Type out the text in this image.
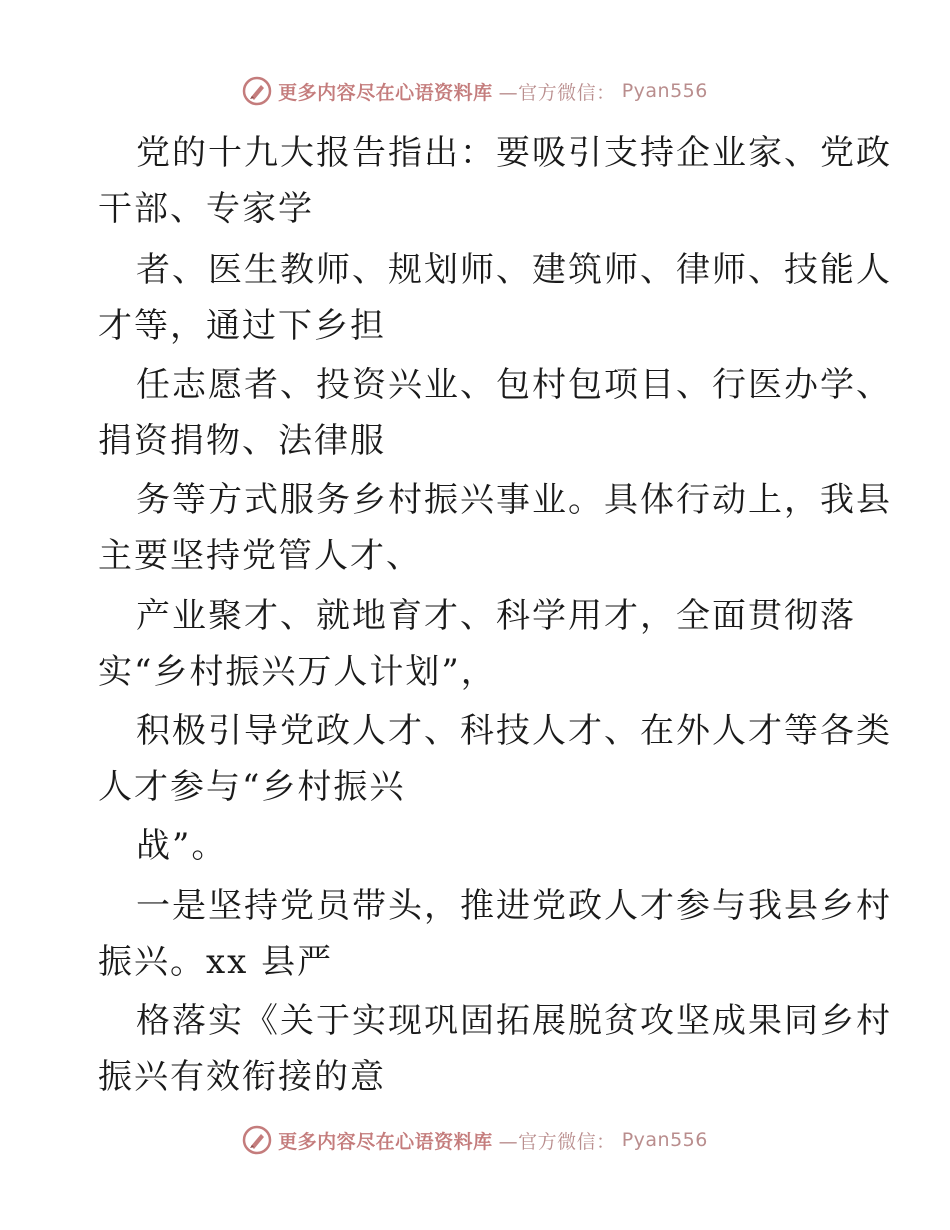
更多内容尽在心语资料库 —官方微信： Pyan556
党的十九大报告指出：要吸引支持企业家、党政
干部、专家学
者、医生教师、规划师、建筑师、律师、技能人
才等，通过下乡担
任志愿者、投资兴业、包村包项目、行医办学、
捐资捐物、法律服
务等方式服务乡村振兴事业。具体行动上，我县
主要坚持党管人才、
产业聚才、就地育才、科学用才，全面贯彻落
实“乡村振兴万人计划”，
积极引导党政人才、科技人才、在外人才等各类
人才参与“乡村振兴
战”。
一是坚持党员带头，推进党政人才参与我县乡村
振兴。xx 县严
格落实《关于实现巩固拓展脱贫攻坚成果同乡村
振兴有效衔接的意
更多内容尽在心语资料库 —官方微信： Pyan556
